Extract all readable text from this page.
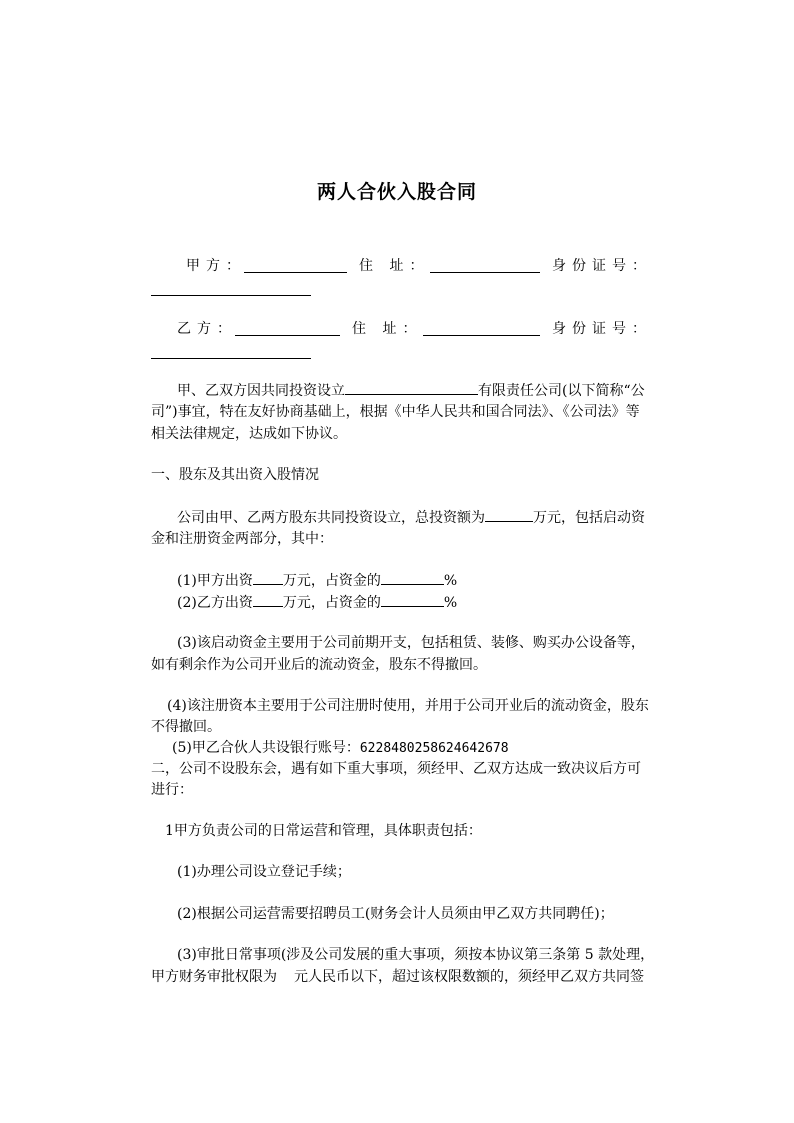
两人合伙入股合同
甲方：	住 址：	身份证号：
乙方：	住 址：	身份证号：
甲、乙双方因共同投资设立	有限责任公司(以下简称“公
司”)事宜，特在友好协商基础上，根据《中华人民共和国合同法》、《公司法》等
相关法律规定，达成如下协议。
一、股东及其出资入股情况
公司由甲、乙两方股东共同投资设立，总投资额为	万元，包括启动资
金和注册资金两部分，其中：
(1)甲方出资 万元，占资金的	%
(2)乙方出资 万元，占资金的	%
(3)该启动资金主要用于公司前期开支，包括租赁、装修、购买办公设备等，
如有剩余作为公司开业后的流动资金，股东不得撤回。
(4)该注册资本主要用于公司注册时使用，并用于公司开业后的流动资金，股东
不得撤回。
(5)甲乙合伙人共设银行账号：6228480258624642678
二，公司不设股东会，遇有如下重大事项，须经甲、乙双方达成一致决议后方可
进行：
1甲方负责公司的日常运营和管理，具体职责包括：
(1)办理公司设立登记手续；
(2)根据公司运营需要招聘员工(财务会计人员须由甲乙双方共同聘任)；
(3)审批日常事项(涉及公司发展的重大事项，须按本协议第三条第 5 款处理，
甲方财务审批权限为 元人民币以下，超过该权限数额的，须经甲乙双方共同签
